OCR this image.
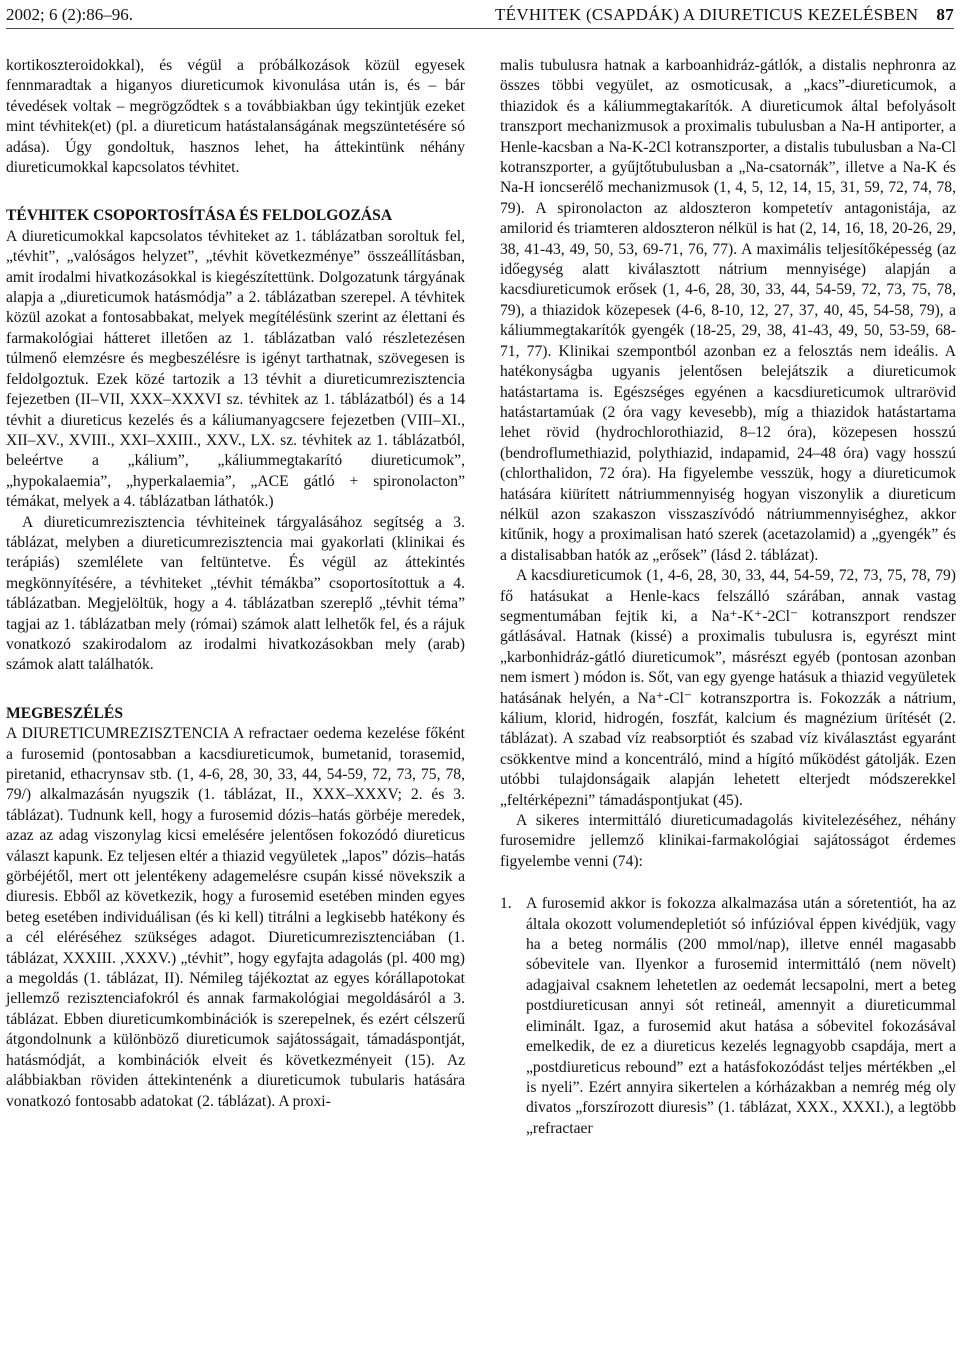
2002; 6 (2):86–96.	TÉVHITEK (CSAPDÁK) A DIURETICUS KEZELÉSBEN 87

kortikoszteroidokkal), és végül a próbálkozások közül egyesek fennmaradtak a higanyos diureticumok kivonulása után is, és – bár tévedések voltak – megrögződtek s a továbbiakban úgy tekintjük ezeket mint tévhitek(et) (pl. a diureticum hatástalanságának megszüntetésére só adása). Úgy gondoltuk, hasznos lehet, ha áttekintünk néhány diureticumokkal kapcsolatos tévhitet.

TÉVHITEK CSOPORTOSÍTÁSA ÉS FELDOLGOZÁSA

A diureticumokkal kapcsolatos tévhiteket az 1. táblázatban soroltuk fel, „tévhit”, „valóságos helyzet”, „tévhit következménye” összeállításban, amit irodalmi hivatkozásokkal is kiegészítettünk. Dolgozatunk tárgyának alapja a „diureticumok hatásmódja” a 2. táblázatban szerepel. A tévhitek közül azokat a fontosabbakat, melyek megítélésünk szerint az élettani és farmakológiai hátteret illetően az 1. táblázatban való részletezésen túlmenő elemzésre és megbeszélésre is igényt tarthatnak, szövegesen is feldolgoztuk. Ezek közé tartozik a 13 tévhit a diureticumrezisztencia fejezetben (II–VII, XXX–XXXVI sz. tévhitek az 1. táblázatból) és a 14 tévhit a diureticus kezelés és a káliumanyagcsere fejezetben (VIII–XI., XII–XV., XVIII., XXI–XXIII., XXV., LX. sz. tévhitek az 1. táblázatból, beleértve a „kálium”, „káliummegtakarító diureticumok”, „hypokalaemia”, „hyperkalaemia”, „ACE gátló + spironolacton” témákat, melyek a 4. táblázatban láthatók.)

A diureticumrezisztencia tévhiteinek tárgyalásához segítség a 3. táblázat, melyben a diureticumrezisztencia mai gyakorlati (klinikai és terápiás) szemlélete van feltüntetve. És végül az áttekintés megkönnyítésére, a tévhiteket „tévhit témákba” csoportosítottuk a 4. táblázatban. Megjelöltük, hogy a 4. táblázatban szereplő „tévhit téma” tagjai az 1. táblázatban mely (római) számok alatt lelhetők fel, és a rájuk vonatkozó szakirodalom az irodalmi hivatkozásokban mely (arab) számok alatt találhatók.

MEGBESZÉLÉS

A DIURETICUMREZISZTENCIA A refractaer oedema kezelése főként a furosemid (pontosabban a kacsdiureticumok, bumetanid, torasemid, piretanid, ethacrynsav stb. (1, 4-6, 28, 30, 33, 44, 54-59, 72, 73, 75, 78, 79/) alkalmazásán nyugszik (1. táblázat, II., XXX–XXXV; 2. és 3. táblázat). Tudnunk kell, hogy a furosemid dózis–hatás görbéje meredek, azaz az adag viszonylag kicsi emelésére jelentősen fokozódó diureticus választ kapunk. Ez teljesen eltér a thiazid vegyületek „lapos” dózis–hatás görbéjétől, mert ott jelentékeny adagemelésre csupán kissé növekszik a diuresis. Ebből az következik, hogy a furosemid esetében minden egyes beteg esetében individuálisan (és ki kell) titrálni a legkisebb hatékony és a cél eléréséhez szükséges adagot. Diureticumrezisztenciában (1. táblázat, XXXIII. ,XXXV.) „tévhit”, hogy egyfajta adagolás (pl. 400 mg) a megoldás (1. táblázat, II). Némileg tájékoztat az egyes kórállapotokat jellemző rezisztenciafokról és annak farmakológiai megoldásáról a 3. táblázat. Ebben diureticumkombinációk is szerepelnek, és ezért célszerű átgondolnunk a különböző diureticumok sajátosságait, támadáspontját, hatásmódját, a kombinációk elveit és következményeit (15). Az alábbiakban röviden áttekintenénk a diureticumok tubularis hatására vonatkozó fontosabb adatokat (2. táblázat). A proxi-

malis tubulusra hatnak a karboanhidráz-gátlók, a distalis nephronra az összes többi vegyület, az osmoticusak, a „kacs”-diureticumok, a thiazidok és a káliummegtakarítók. A diureticumok által befolyásolt transzport mechanizmusok a proximalis tubulusban a Na-H antiporter, a Henle-kacsban a Na-K-2Cl kotranszporter, a distalis tubulusban a Na-Cl kotranszporter, a gyűjtőtubulusban a „Na-csatornák”, illetve a Na-K és Na-H ioncserélő mechanizmusok (1, 4, 5, 12, 14, 15, 31, 59, 72, 74, 78, 79). A spironolacton az aldoszteron kompetetív antagonistája, az amilorid és triamteren aldoszteron nélkül is hat (2, 14, 16, 18, 20-26, 29, 38, 41-43, 49, 50, 53, 69-71, 76, 77). A maximális teljesítőképesség (az időegység alatt kiválasztott nátrium mennyisége) alapján a kacsdiureticumok erősek (1, 4-6, 28, 30, 33, 44, 54-59, 72, 73, 75, 78, 79), a thiazidok közepesek (4-6, 8-10, 12, 27, 37, 40, 45, 54-58, 79), a káliummegtakarítók gyengék (18-25, 29, 38, 41-43, 49, 50, 53-59, 68-71, 77). Klinikai szempontból azonban ez a felosztás nem ideális. A hatékonyságba ugyanis jelentősen belejátszik a diureticumok hatástartama is. Egészséges egyénen a kacsdiureticumok ultrarövid hatástartamúak (2 óra vagy kevesebb), míg a thiazidok hatástartama lehet rövid (hydrochlorothiazid, 8–12 óra), közepesen hosszú (bendroflumethiazid, polythiazid, indapamid, 24–48 óra) vagy hosszú (chlorthalidon, 72 óra). Ha figyelembe vesszük, hogy a diureticumok hatására kiürített nátriummennyiség hogyan viszonylik a diureticum nélkül azon szakaszon visszaszívódó nátriummennyiséghez, akkor kitűnik, hogy a proximalisan ható szerek (acetazolamid) a „gyengék” és a distalisabban hatók az „erősek” (lásd 2. táblázat).

A kacsdiureticumok (1, 4-6, 28, 30, 33, 44, 54-59, 72, 73, 75, 78, 79) fő hatásukat a Henle-kacs felszálló szárában, annak vastag segmentumában fejtik ki, a Na⁺-K⁺-2Cl⁻ kotranszport rendszer gátlásával. Hatnak (kissé) a proximalis tubulusra is, egyrészt mint „karbonhidráz-gátló diureticumok”, másrészt egyéb (pontosan azonban nem ismert ) módon is. Sőt, van egy gyenge hatásuk a thiazid vegyületek hatásának helyén, a Na⁺-Cl⁻ kotranszportra is. Fokozzák a nátrium, kálium, klorid, hidrogén, foszfát, kalcium és magnézium ürítését (2. táblázat). A szabad víz reabsorptiót és szabad víz kiválasztást egyaránt csökkentve mind a koncentráló, mind a hígító működést gátolják. Ezen utóbbi tulajdonságaik alapján lehetett elterjedt módszerekkel „feltérképezni” támadáspontjukat (45).

A sikeres intermittáló diureticumadagolás kivitelezéséhez, néhány furosemidre jellemző klinikai-farmakológiai sajátosságot érdemes figyelembe venni (74):

1. A furosemid akkor is fokozza alkalmazása után a sóretentiót, ha az általa okozott volumendepletiót só infúzióval éppen kivédjük, vagy ha a beteg normális (200 mmol/nap), illetve ennél magasabb sóbevitele van. Ilyenkor a furosemid intermittáló (nem növelt) adagjaival csaknem lehetetlen az oedemát lecsapolni, mert a beteg postdiureticusan annyi sót retineál, amennyit a diureticummal eliminált. Igaz, a furosemid akut hatása a sóbevitel fokozásával emelkedik, de ez a diureticus kezelés legnagyobb csapdája, mert a „postdiureticus rebound” ezt a hatásfokozódást teljes mértékben „el is nyeli”. Ezért annyira sikertelen a kórházakban a nemrég még oly divatos „forszírozott diuresis” (1. táblázat, XXX., XXXI.), a legtöbb „refractaer
